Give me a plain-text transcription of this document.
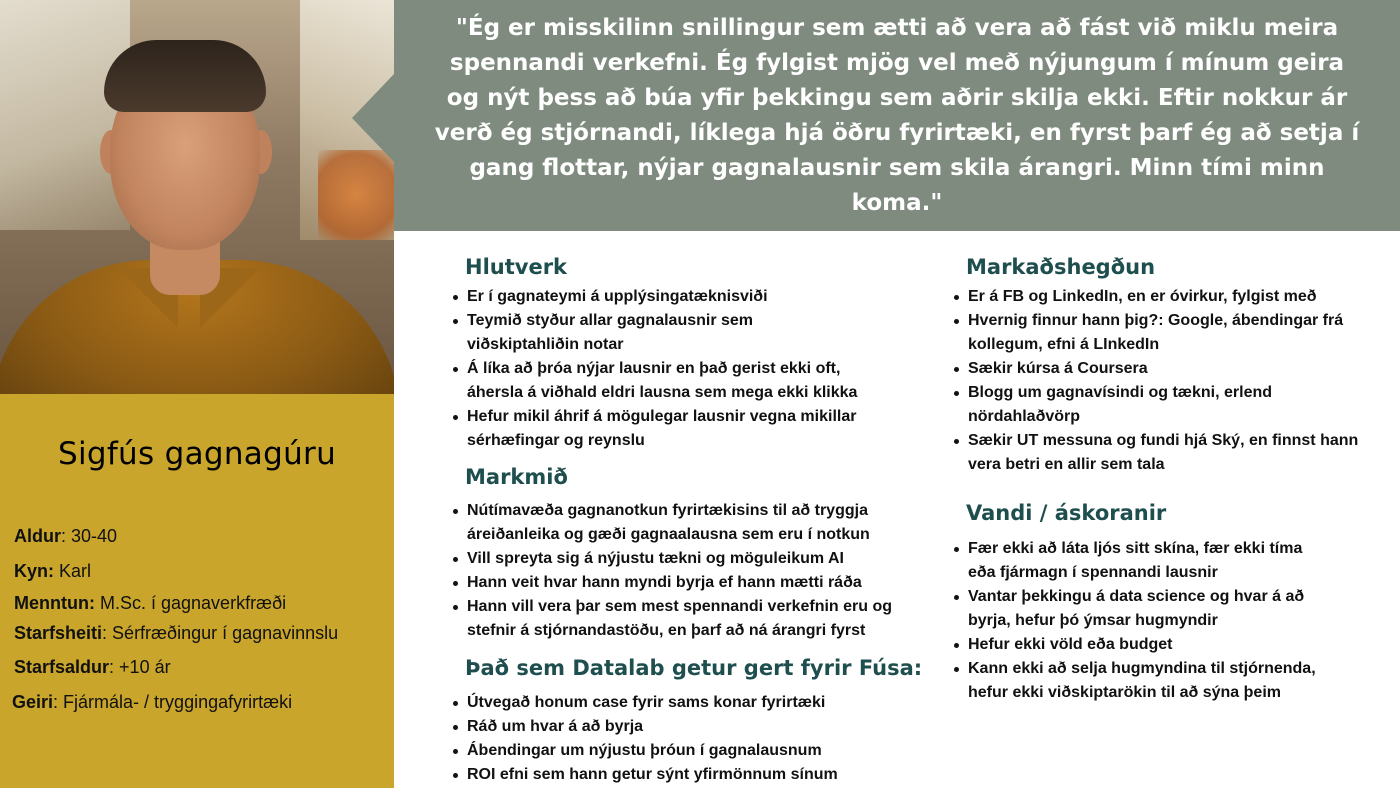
"Ég er misskilinn snillingur sem ætti að vera að fást við miklu meira spennandi verkefni. Ég fylgist mjög vel með nýjungum í mínum geira og nýt þess að búa yfir þekkingu sem aðrir skilja ekki. Eftir nokkur ár verð ég stjórnandi, líklega hjá öðru fyrirtæki, en fyrst þarf ég að setja í gang flottar, nýjar gagnalausnir sem skila árangri. Minn tími minn koma."

Sigfús gagnagúru
Aldur: 30-40
Kyn: Karl
Menntun: M.Sc. í gagnaverkfræði
Starfsheiti: Sérfræðingur í gagnavinnslu
Starfsaldur: +10 ár
Geiri: Fjármála- / tryggingafyrirtæki
Hlutverk
Er í gagnateymi á upplýsingatæknisviði
Teymið styður allar gagnalausnir sem viðskiptahliðin notar
Á líka að þróa nýjar lausnir en það gerist ekki oft, áhersla á viðhald eldri lausna sem mega ekki klikka
Hefur mikil áhrif á mögulegar lausnir vegna mikillar sérhæfingar og reynslu
Markmið
Nútímavæða gagnanotkun fyrirtækisins til að tryggja áreiðanleika og gæði gagnaalausna sem eru í notkun
Vill spreyta sig á nýjustu tækni og möguleikum AI
Hann veit hvar hann myndi byrja ef hann mætti ráða
Hann vill vera þar sem mest spennandi verkefnin eru og stefnir á stjórnandastöðu, en þarf að ná árangri fyrst
Það sem Datalab getur gert fyrir Fúsa:
Útvegað honum case fyrir sams konar fyrirtæki
Ráð um hvar á að byrja
Ábendingar um nýjustu þróun í gagnalausnum
ROI efni sem hann getur sýnt yfirmönnum sínum
Markaðshegðun
Er á FB og LinkedIn, en er óvirkur, fylgist með
Hvernig finnur hann þig?: Google, ábendingar frá kollegum, efni á LInkedIn
Sækir kúrsa á Coursera
Blogg um gagnavísindi og tækni, erlend nördahlaðvörp
Sækir UT messuna og fundi hjá Ský, en finnst hann vera betri en allir sem tala
Vandi / áskoranir
Fær ekki að láta ljós sitt skína, fær ekki tíma eða fjármagn í spennandi lausnir
Vantar þekkingu á data science og hvar á að byrja, hefur þó ýmsar hugmyndir
Hefur ekki völd eða budget
Kann ekki að selja hugmyndina til stjórnenda, hefur ekki viðskiptarökin til að sýna þeim
